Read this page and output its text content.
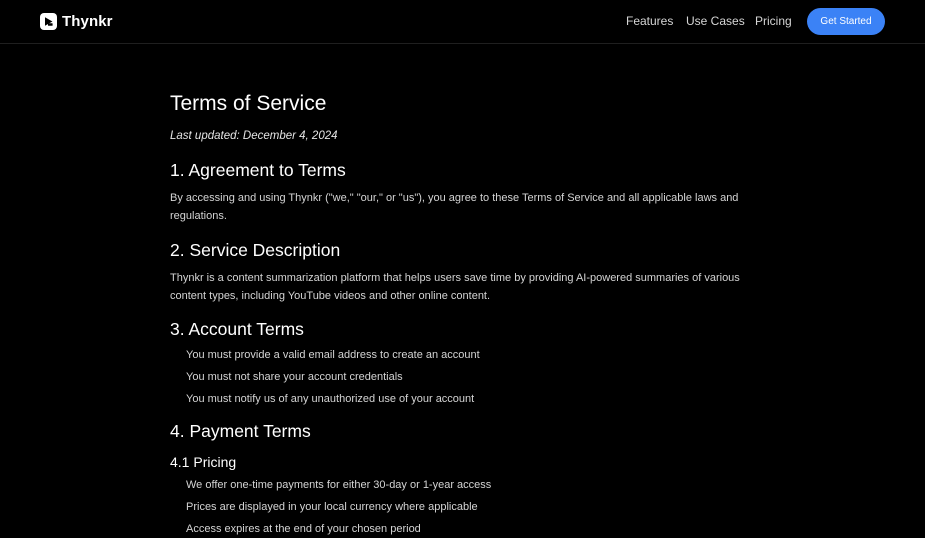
Thynkr	Features Use Cases Pricing	Get Started
Terms of Service
Last updated: December 4, 2024
1. Agreement to Terms

By accessing and using Thynkr ("we," "our," or "us"), you agree to these Terms of Service and all applicable laws and regulations.

2. Service Description

Thynkr is a content summarization platform that helps users save time by providing AI-powered summaries of various content types, including YouTube videos and other online content.

3. Account Terms
You must provide a valid email address to create an account
You must not share your account credentials
You must notify us of any unauthorized use of your account
4. Payment Terms
4.1 Pricing
We offer one-time payments for either 30-day or 1-year access
Prices are displayed in your local currency where applicable
Access expires at the end of your chosen period
